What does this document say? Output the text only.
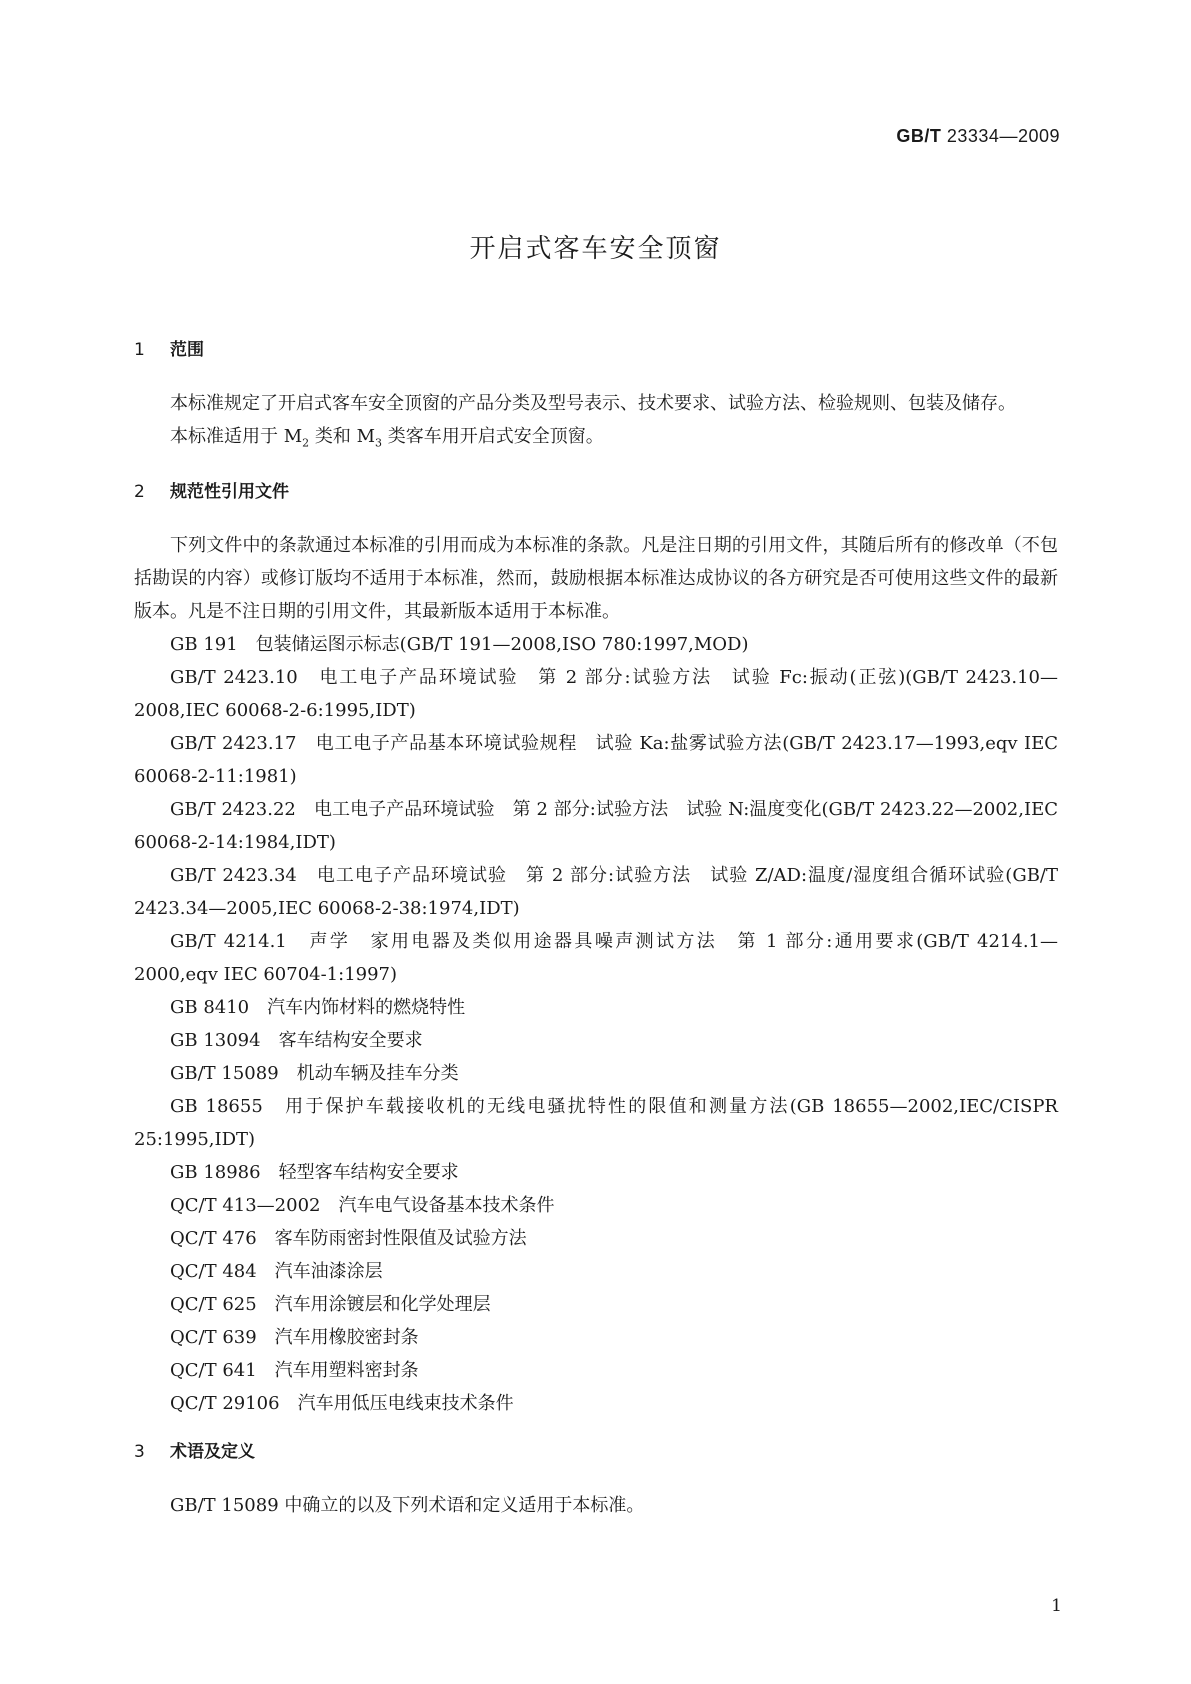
GB/T 23334—2009
开启式客车安全顶窗
1 范围

本标准规定了开启式客车安全顶窗的产品分类及型号表示、技术要求、试验方法、检验规则、包装及储存。

本标准适用于 $M_2$ 类和 $M_3$ 类客车用开启式安全顶窗。

2 规范性引用文件

下列文件中的条款通过本标准的引用而成为本标准的条款。凡是注日期的引用文件，其随后所有的修改单（不包括勘误的内容）或修订版均不适用于本标准，然而，鼓励根据本标准达成协议的各方研究是否可使用这些文件的最新版本。凡是不注日期的引用文件，其最新版本适用于本标准。

GB 191　包装储运图示标志(GB/T 191—2008,ISO 780:1997,MOD)

GB/T 2423.10　电工电子产品环境试验　第 2 部分:试验方法　试验 Fc:振动(正弦)(GB/T 2423.10—2008,IEC 60068-2-6:1995,IDT)

GB/T 2423.17　电工电子产品基本环境试验规程　试验 Ka:盐雾试验方法(GB/T 2423.17—1993,eqv IEC 60068-2-11:1981)

GB/T 2423.22　电工电子产品环境试验　第 2 部分:试验方法　试验 N:温度变化(GB/T 2423.22—2002,IEC 60068-2-14:1984,IDT)

GB/T 2423.34　电工电子产品环境试验　第 2 部分:试验方法　试验 Z/AD:温度/湿度组合循环试验(GB/T 2423.34—2005,IEC 60068-2-38:1974,IDT)

GB/T 4214.1　声学　家用电器及类似用途器具噪声测试方法　第 1 部分:通用要求(GB/T 4214.1—2000,eqv IEC 60704-1:1997)

GB 8410　汽车内饰材料的燃烧特性

GB 13094　客车结构安全要求

GB/T 15089　机动车辆及挂车分类

GB 18655　用于保护车载接收机的无线电骚扰特性的限值和测量方法(GB 18655—2002,IEC/CISPR 25:1995,IDT)

GB 18986　轻型客车结构安全要求

QC/T 413—2002　汽车电气设备基本技术条件

QC/T 476　客车防雨密封性限值及试验方法

QC/T 484　汽车油漆涂层

QC/T 625　汽车用涂镀层和化学处理层

QC/T 639　汽车用橡胶密封条

QC/T 641　汽车用塑料密封条

QC/T 29106　汽车用低压电线束技术条件

3 术语及定义

GB/T 15089 中确立的以及下列术语和定义适用于本标准。

1
